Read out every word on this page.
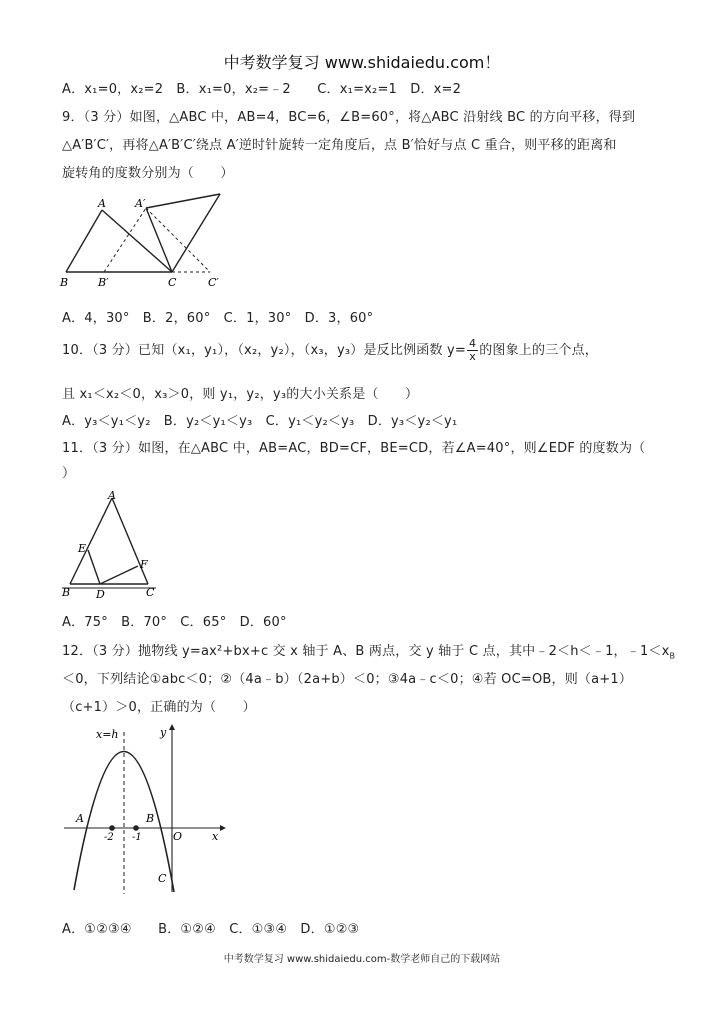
中考数学复习 www.shidaiedu.com！
A．x₁=0，x₂=2　B．x₁=0，x₂=﹣2　　C．x₁=x₂=1　D．x=2
9．（3 分）如图，△ABC 中，AB=4，BC=6，∠B=60°，将△ABC 沿射线 BC 的方向平移，得到
△A′B′C′，再将△A′B′C′绕点 A′逆时针旋转一定角度后，点 B′恰好与点 C 重合，则平移的距离和
旋转角的度数分别为（　　）
A	A′
B	B′	C	C′
A．4，30°　B．2，60°　C．1，30°　D．3，60°
10．（3 分）已知（x₁，y₁），（x₂，y₂），（x₃，y₃）是反比例函数 $y= \frac{4}{x}$ 的图象上的三个点，
且 x₁＜x₂＜0，x₃＞0，则 y₁，y₂，y₃的大小关系是（　　）
A．y₃＜y₁＜y₂　B．y₂＜y₁＜y₃　C．y₁＜y₂＜y₃　D．y₃＜y₂＜y₁
11．（3 分）如图，在△ABC 中，AB=AC，BD=CF，BE=CD，若∠A=40°，则∠EDF 的度数为（
）
A
E
F
B D	C
A．75°　B．70°　C．65°　D．60°
12．（3 分）抛物线 y=ax²+bx+c 交 x 轴于 A、B 两点，交 y 轴于 C 点，其中﹣2＜h＜﹣1，$﹣1<x_B$
＜0，下列结论①abc＜0；②（4a﹣b）（2a+b）＜0；③4a﹣c＜0；④若 OC=OB，则（a+1）
（c+1）＞0，正确的为（　　）
x=h	y
A	B
-2 -1	O	x
C
A．①②③④　　B．①②④　C．①③④　D．①②③
中考数学复习 www.shidaiedu.com-数学老师自己的下载网站
